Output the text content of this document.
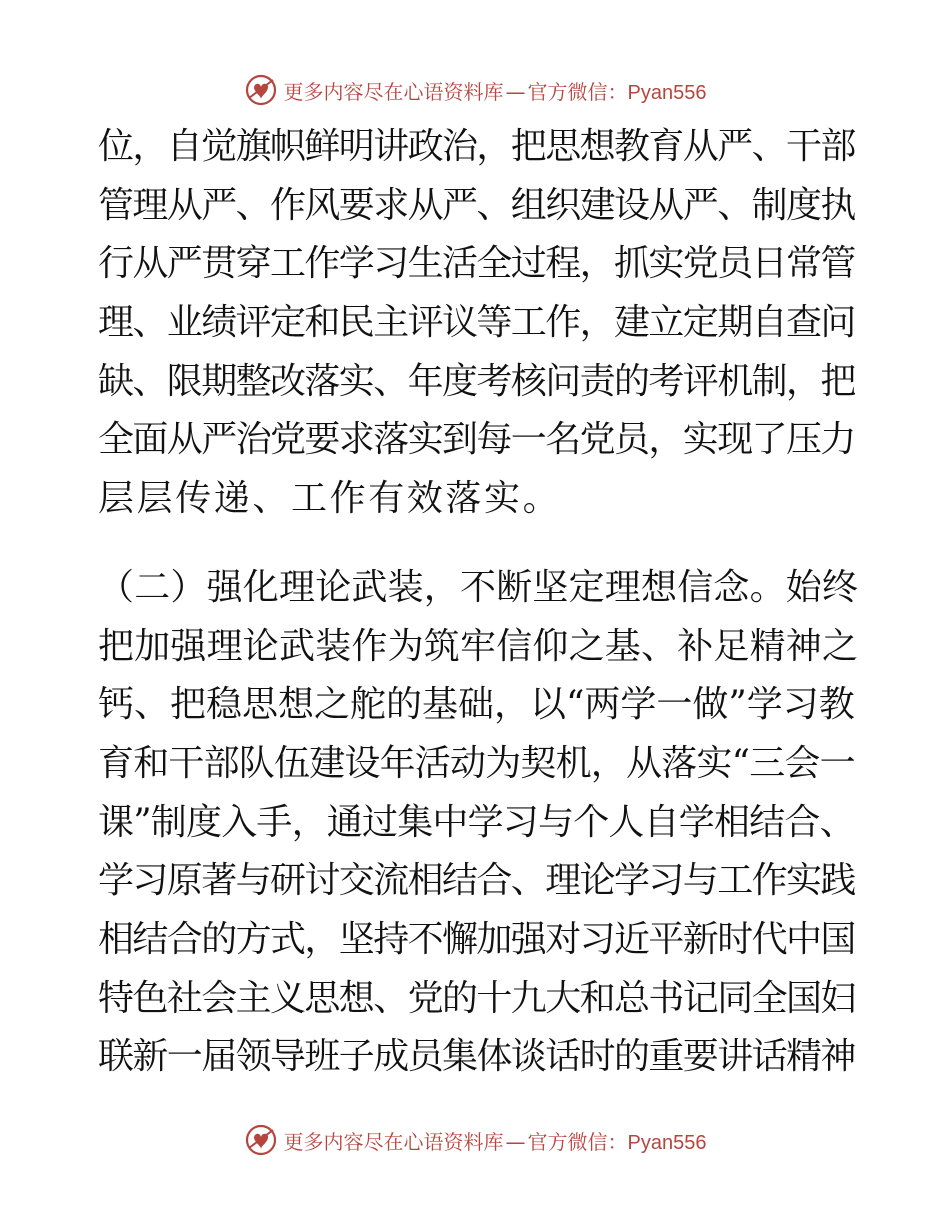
更多内容尽在心语资料库 — 官方微信：Pyan556
位，自觉旗帜鲜明讲政治，把思想教育从严、干部
管理从严、作风要求从严、组织建设从严、制度执
行从严贯穿工作学习生活全过程，抓实党员日常管
理、业绩评定和民主评议等工作，建立定期自查问
缺、限期整改落实、年度考核问责的考评机制，把
全面从严治党要求落实到每一名党员，实现了压力
层层传递、工作有效落实。
（二）强化理论武装，不断坚定理想信念。始终
把加强理论武装作为筑牢信仰之基、补足精神之
钙、把稳思想之舵的基础，以“两学一做”学习教
育和干部队伍建设年活动为契机，从落实“三会一
课”制度入手，通过集中学习与个人自学相结合、
学习原著与研讨交流相结合、理论学习与工作实践
相结合的方式，坚持不懈加强对习近平新时代中国
特色社会主义思想、党的十九大和总书记同全国妇
联新一届领导班子成员集体谈话时的重要讲话精神
更多内容尽在心语资料库 — 官方微信：Pyan556
